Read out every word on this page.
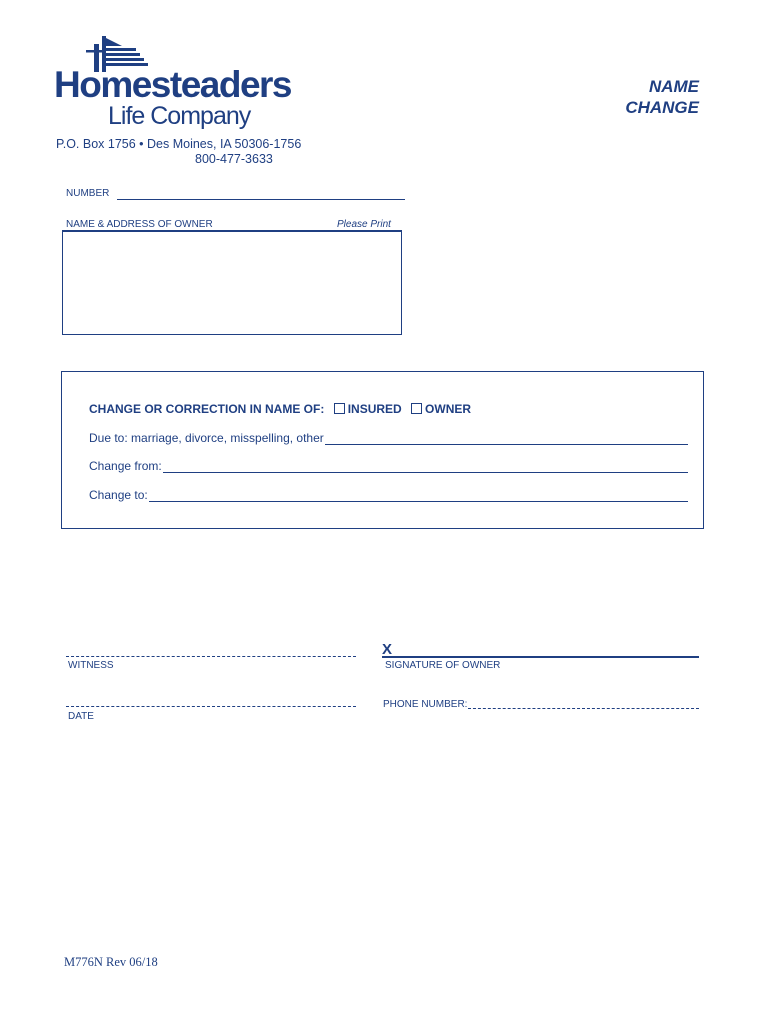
Homesteaders
Life Company
P.O. Box 1756 • Des Moines, IA 50306-1756
800-477-3633
NAME
CHANGE
NUMBER
NAME & ADDRESS OF OWNER	Please Print
CHANGE OR CORRECTION IN NAME OF: INSURED OWNER
Due to: marriage, divorce, misspelling, other
Change from:
Change to:
WITNESS
X
SIGNATURE OF OWNER
DATE
PHONE NUMBER:
M776N Rev 06/18
